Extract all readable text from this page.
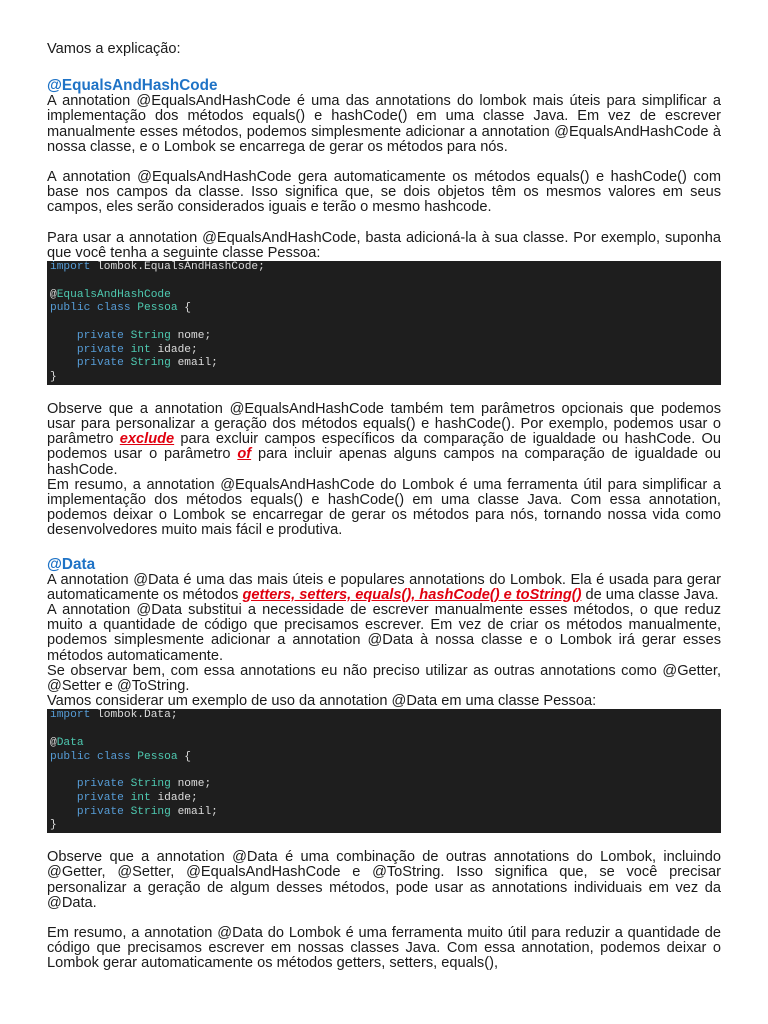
Vamos a explicação:

@EqualsAndHashCode

A annotation @EqualsAndHashCode é uma das annotations do lombok mais úteis para simplificar a implementação dos métodos equals() e hashCode() em uma classe Java. Em vez de escrever manualmente esses métodos, podemos simplesmente adicionar a annotation @EqualsAndHashCode à nossa classe, e o Lombok se encarrega de gerar os métodos para nós.

A annotation @EqualsAndHashCode gera automaticamente os métodos equals() e hashCode() com base nos campos da classe. Isso significa que, se dois objetos têm os mesmos valores em seus campos, eles serão considerados iguais e terão o mesmo hashcode.

Para usar a annotation @EqualsAndHashCode, basta adicioná-la à sua classe. Por exemplo, suponha que você tenha a seguinte classe Pessoa:

import lombok.EqualsAndHashCode;
@EqualsAndHashCode
public class Pessoa {
private String nome;
private int idade;
private String email;
}

Observe que a annotation @EqualsAndHashCode também tem parâmetros opcionais que podemos usar para personalizar a geração dos métodos equals() e hashCode(). Por exemplo, podemos usar o parâmetro exclude para excluir campos específicos da comparação de igualdade ou hashCode. Ou podemos usar o parâmetro of para incluir apenas alguns campos na comparação de igualdade ou hashCode.

Em resumo, a annotation @EqualsAndHashCode do Lombok é uma ferramenta útil para simplificar a implementação dos métodos equals() e hashCode() em uma classe Java. Com essa annotation, podemos deixar o Lombok se encarregar de gerar os métodos para nós, tornando nossa vida como desenvolvedores muito mais fácil e produtiva.

@Data

A annotation @Data é uma das mais úteis e populares annotations do Lombok. Ela é usada para gerar automaticamente os métodos getters, setters, equals(), hashCode() e toString() de uma classe Java.

A annotation @Data substitui a necessidade de escrever manualmente esses métodos, o que reduz muito a quantidade de código que precisamos escrever. Em vez de criar os métodos manualmente, podemos simplesmente adicionar a annotation @Data à nossa classe e o Lombok irá gerar esses métodos automaticamente.

Se observar bem, com essa annotations eu não preciso utilizar as outras annotations como @Getter, @Setter e @ToString.

Vamos considerar um exemplo de uso da annotation @Data em uma classe Pessoa:

import lombok.Data;
@Data
public class Pessoa {
private String nome;
private int idade;
private String email;
}

Observe que a annotation @Data é uma combinação de outras annotations do Lombok, incluindo @Getter, @Setter, @EqualsAndHashCode e @ToString. Isso significa que, se você precisar personalizar a geração de algum desses métodos, pode usar as annotations individuais em vez da @Data.

Em resumo, a annotation @Data do Lombok é uma ferramenta muito útil para reduzir a quantidade de código que precisamos escrever em nossas classes Java. Com essa annotation, podemos deixar o Lombok gerar automaticamente os métodos getters, setters, equals(),
